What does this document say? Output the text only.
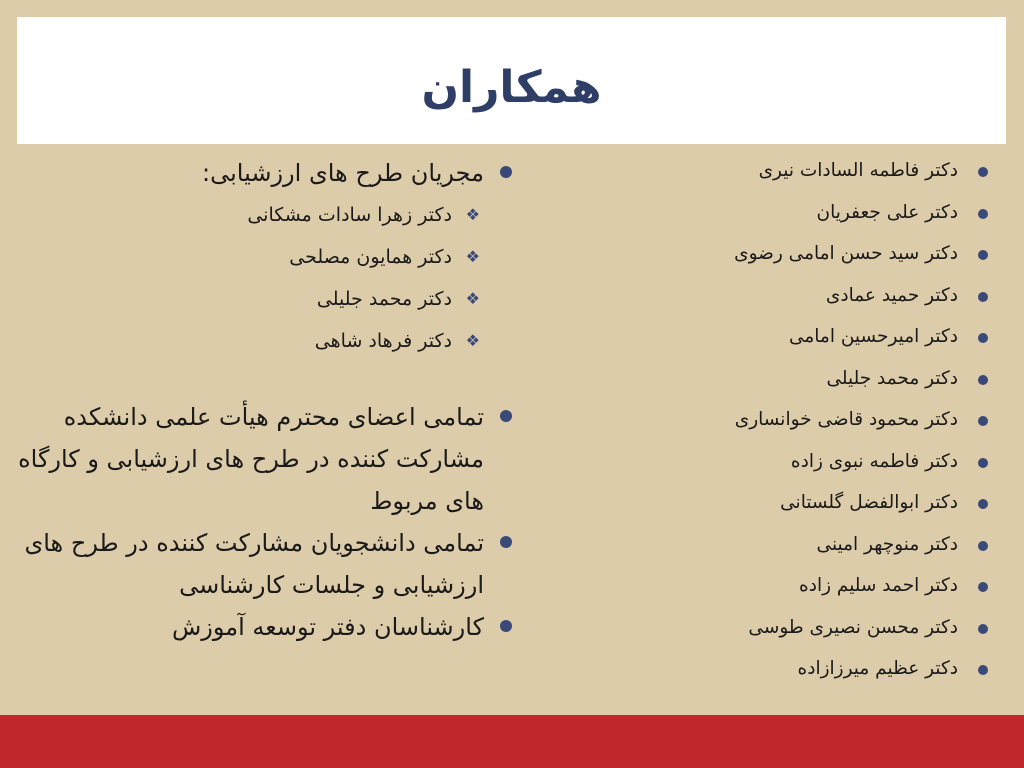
همکاران
دکتر فاطمه السادات نیری
دکتر علی جعفریان
دکتر سید حسن امامی رضوی
دکتر حمید عمادی
دکتر امیرحسین امامی
دکتر محمد جلیلی
دکتر محمود قاضی خوانساری
دکتر فاطمه نبوی زاده
دکتر ابوالفضل گلستانی
دکتر منوچهر امینی
دکتر احمد سلیم زاده
دکتر محسن نصیری طوسی
دکتر عظیم میرزازاده
مجریان طرح های ارزشیابی:
❖
دکتر زهرا سادات مشکانی
❖
دکتر همایون مصلحی
❖
دکتر محمد جلیلی
❖
دکتر فرهاد شاهی
تمامی اعضای محترم هیأت علمی دانشکده مشارکت کننده در طرح های ارزشیابی و کارگاه های مربوط
تمامی دانشجویان مشارکت کننده در طرح های ارزشیابی و جلسات کارشناسی
کارشناسان دفتر توسعه آموزش
